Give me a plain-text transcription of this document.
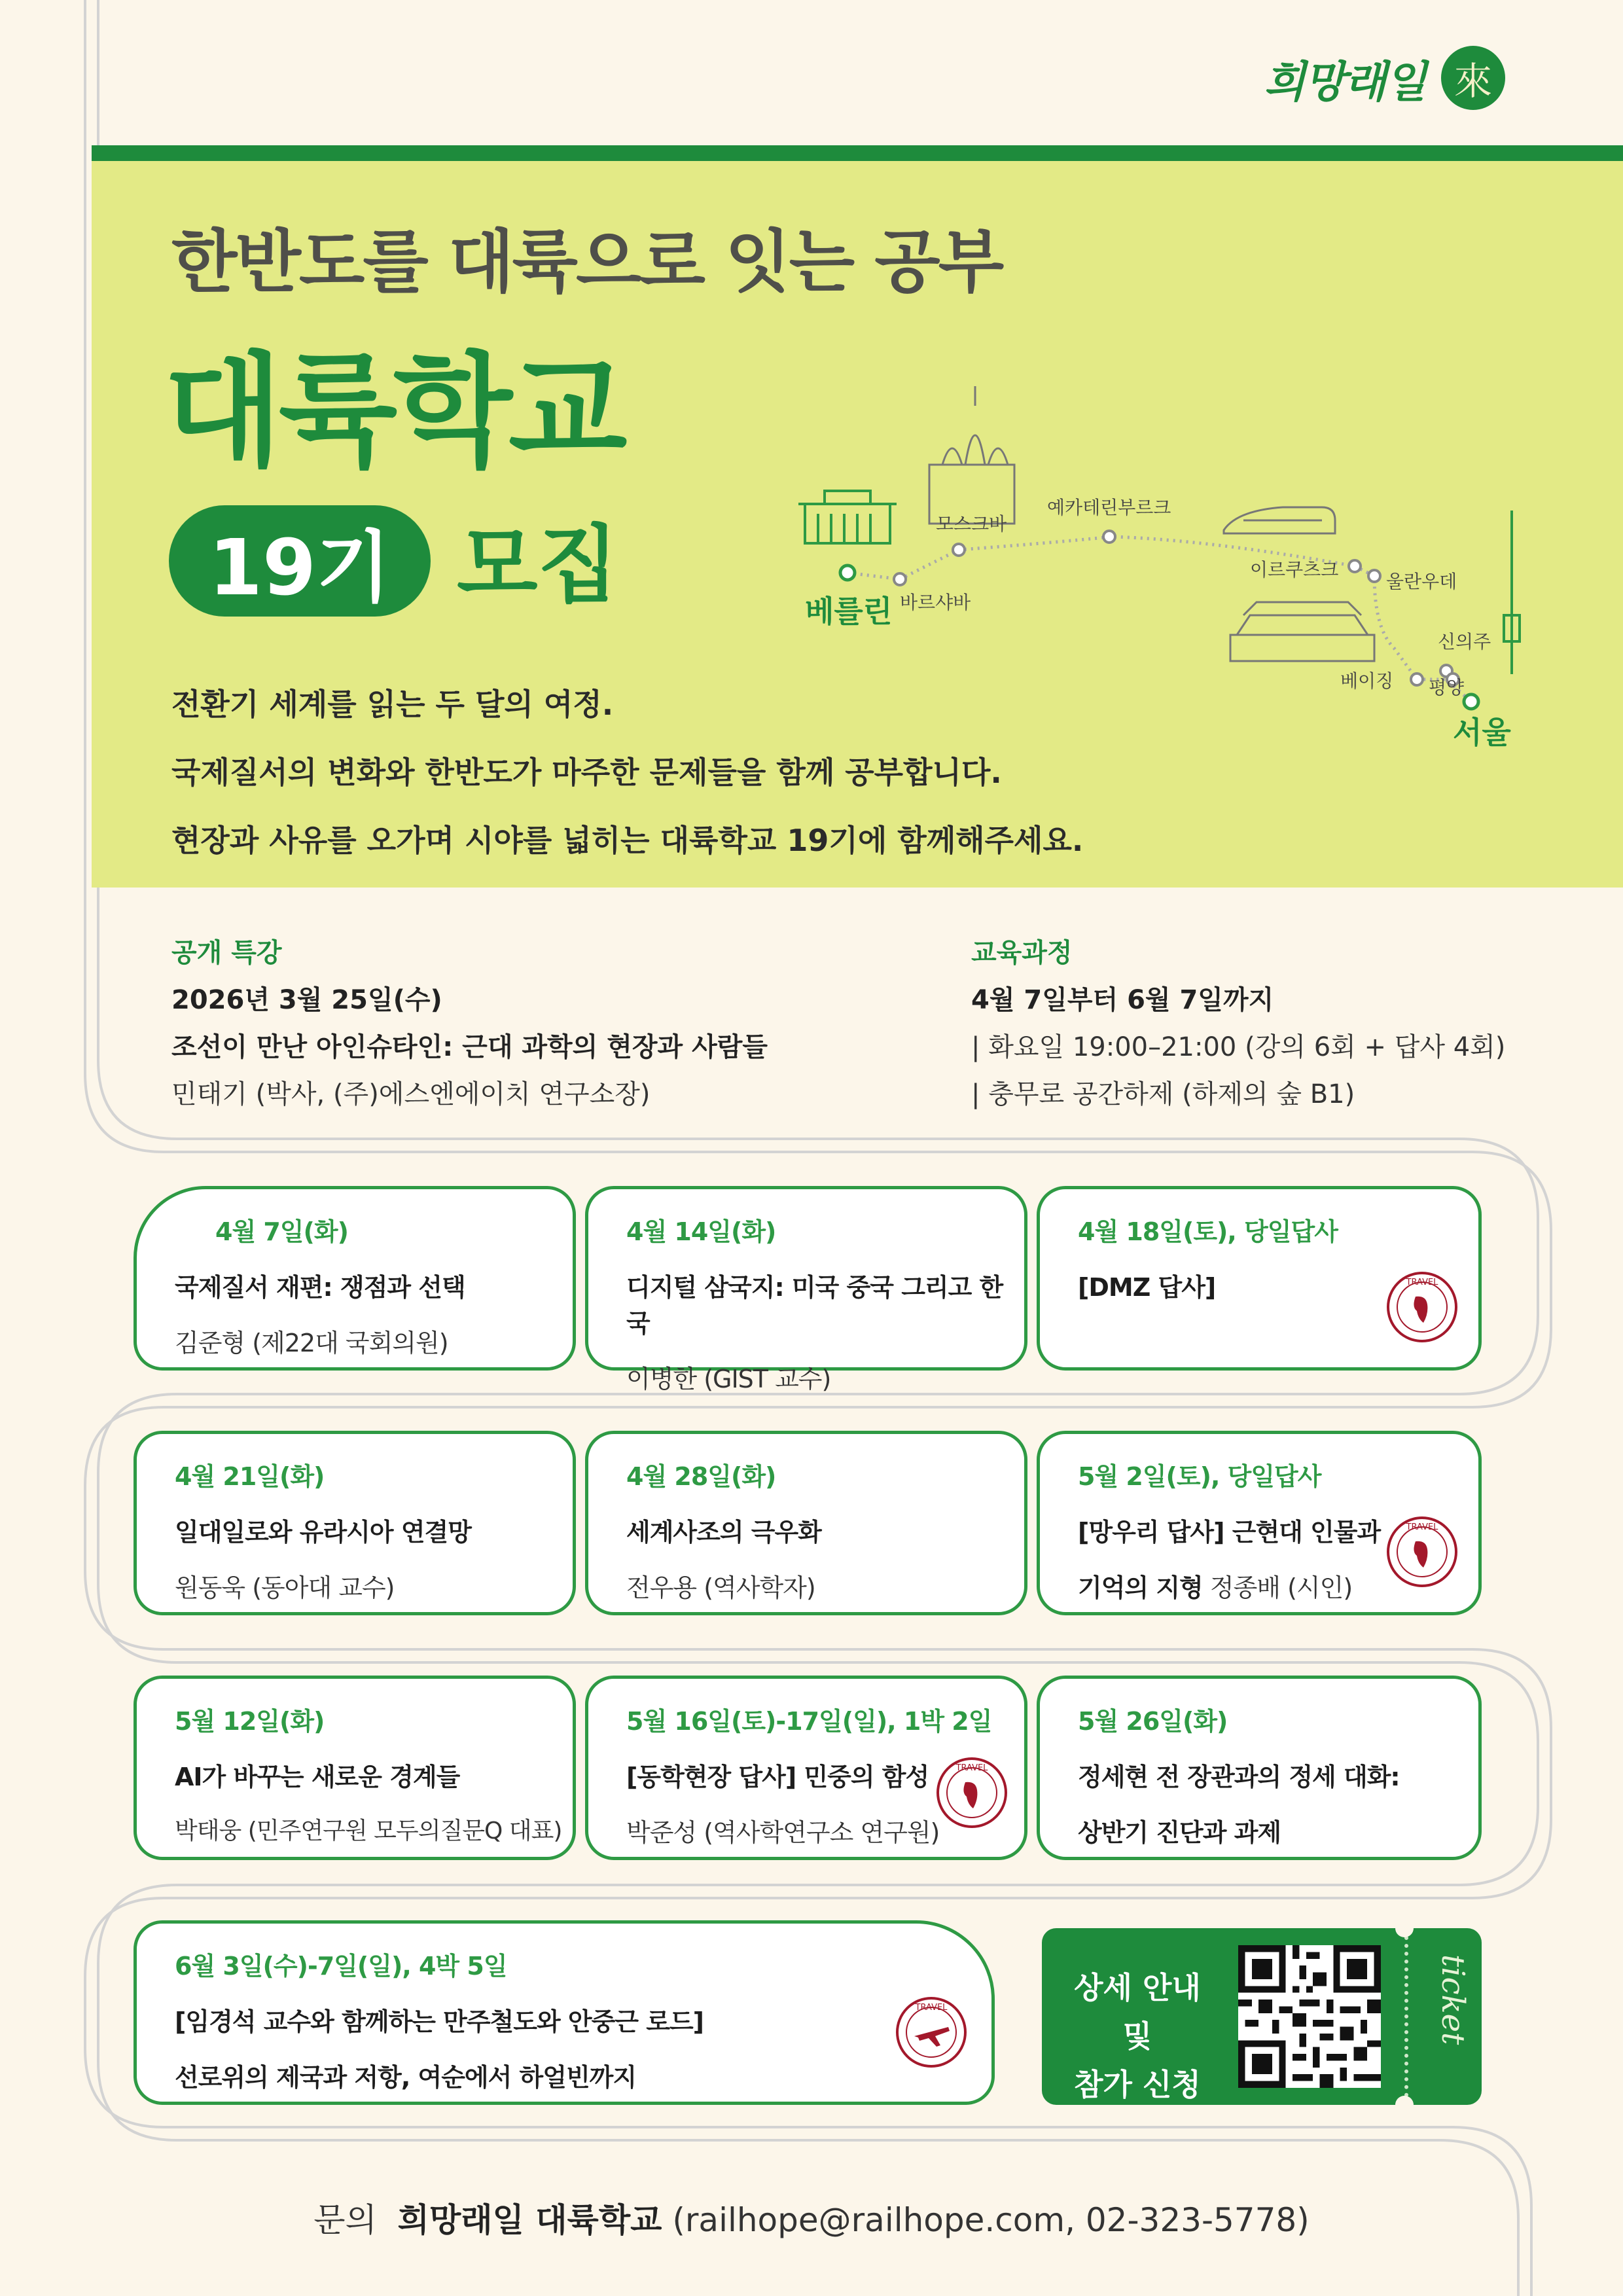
희망래일 來
한반도를 대륙으로 잇는 공부
대륙학교
19기 모집

전환기 세계를 읽는 두 달의 여정.

국제질서의 변화와 한반도가 마주한 문제들을 함께 공부합니다.

현장과 사유를 오가며 시야를 넓히는 대륙학교 19기에 함께해주세요.

베를린
서울
바르샤바
모스크바
예카테린부르크
이르쿠츠크
울란우데
베이징
신의주
평양
공개 특강
2026년 3월 25일(수)
조선이 만난 아인슈타인: 근대 과학의 현장과 사람들
민태기 (박사, (주)에스엔에이치 연구소장)
교육과정
4월 7일부터 6월 7일까지
| 화요일 19:00–21:00 (강의 6회 + 답사 4회)
| 충무로 공간하제 (하제의 숲 B1)
4월 7일(화)
국제질서 재편: 쟁점과 선택
김준형 (제22대 국회의원)
4월 14일(화)
디지털 삼국지: 미국 중국 그리고 한국
이병한 (GIST 교수)
4월 18일(토), 당일답사
[DMZ 답사]	TRAVEL
4월 21일(화)
일대일로와 유라시아 연결망
원동욱 (동아대 교수)
4월 28일(화)
세계사조의 극우화
전우용 (역사학자)
5월 2일(토), 당일답사
[망우리 답사] 근현대 인물과
기억의 지형 정종배 (시인)
TRAVEL
5월 12일(화)
AI가 바꾸는 새로운 경계들
박태웅 (민주연구원 모두의질문Q 대표)
5월 16일(토)-17일(일), 1박 2일
[동학현장 답사] 민중의 함성
박준성 (역사학연구소 연구원)
TRAVEL
5월 26일(화)
정세현 전 장관과의 정세 대화:
상반기 진단과 과제
6월 3일(수)-7일(일), 4박 5일
[임경석 교수와 함께하는 만주철도와 안중근 로드]
선로위의 제국과 저항, 여순에서 하얼빈까지
TRAVEL
상세 안내 및
참가 신청
ticket
문의 희망래일 대륙학교 (railhope@railhope.com, 02-323-5778)
